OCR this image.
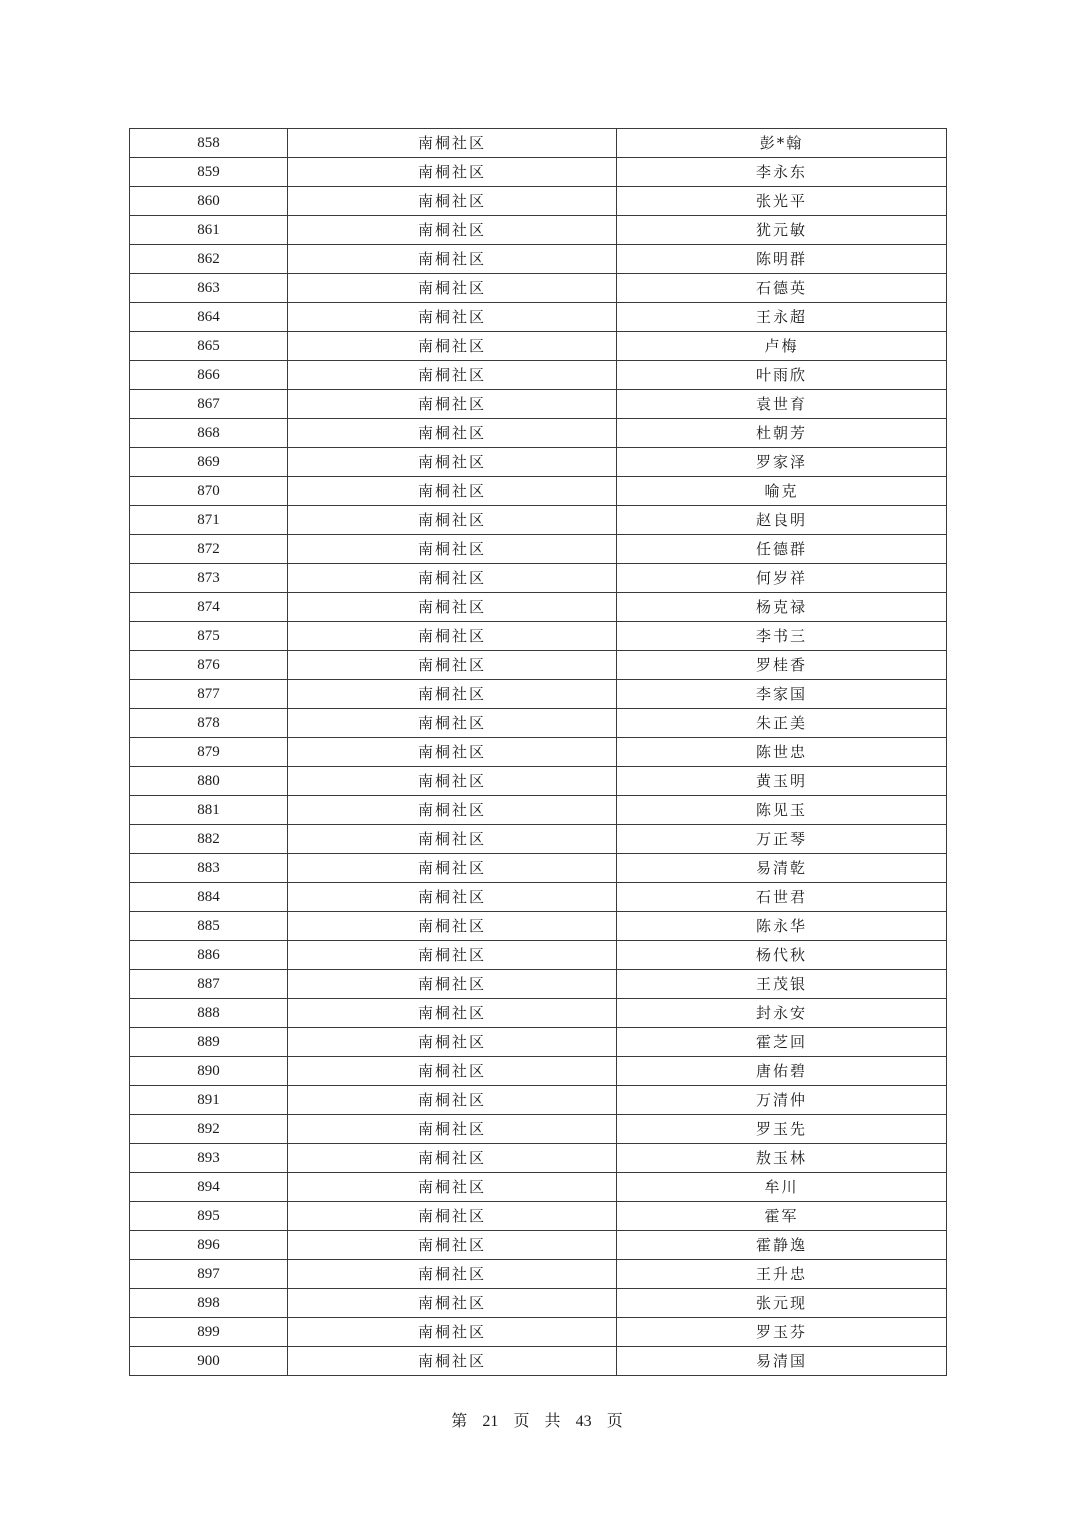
858	南桐社区	彭*翰
859	南桐社区	李永东
860	南桐社区	张光平
861	南桐社区	犹元敏
862	南桐社区	陈明群
863	南桐社区	石德英
864	南桐社区	王永超
865	南桐社区	卢梅
866	南桐社区	叶雨欣
867	南桐社区	袁世育
868	南桐社区	杜朝芳
869	南桐社区	罗家泽
870	南桐社区	喻克
871	南桐社区	赵良明
872	南桐社区	任德群
873	南桐社区	何岁祥
874	南桐社区	杨克禄
875	南桐社区	李书三
876	南桐社区	罗桂香
877	南桐社区	李家国
878	南桐社区	朱正美
879	南桐社区	陈世忠
880	南桐社区	黄玉明
881	南桐社区	陈见玉
882	南桐社区	万正琴
883	南桐社区	易清乾
884	南桐社区	石世君
885	南桐社区	陈永华
886	南桐社区	杨代秋
887	南桐社区	王茂银
888	南桐社区	封永安
889	南桐社区	霍芝回
890	南桐社区	唐佑碧
891	南桐社区	万清仲
892	南桐社区	罗玉先
893	南桐社区	敖玉林
894	南桐社区	牟川
895	南桐社区	霍军
896	南桐社区	霍静逸
897	南桐社区	王升忠
898	南桐社区	张元现
899	南桐社区	罗玉芬
900	南桐社区	易清国
第 21 页 共 43 页
